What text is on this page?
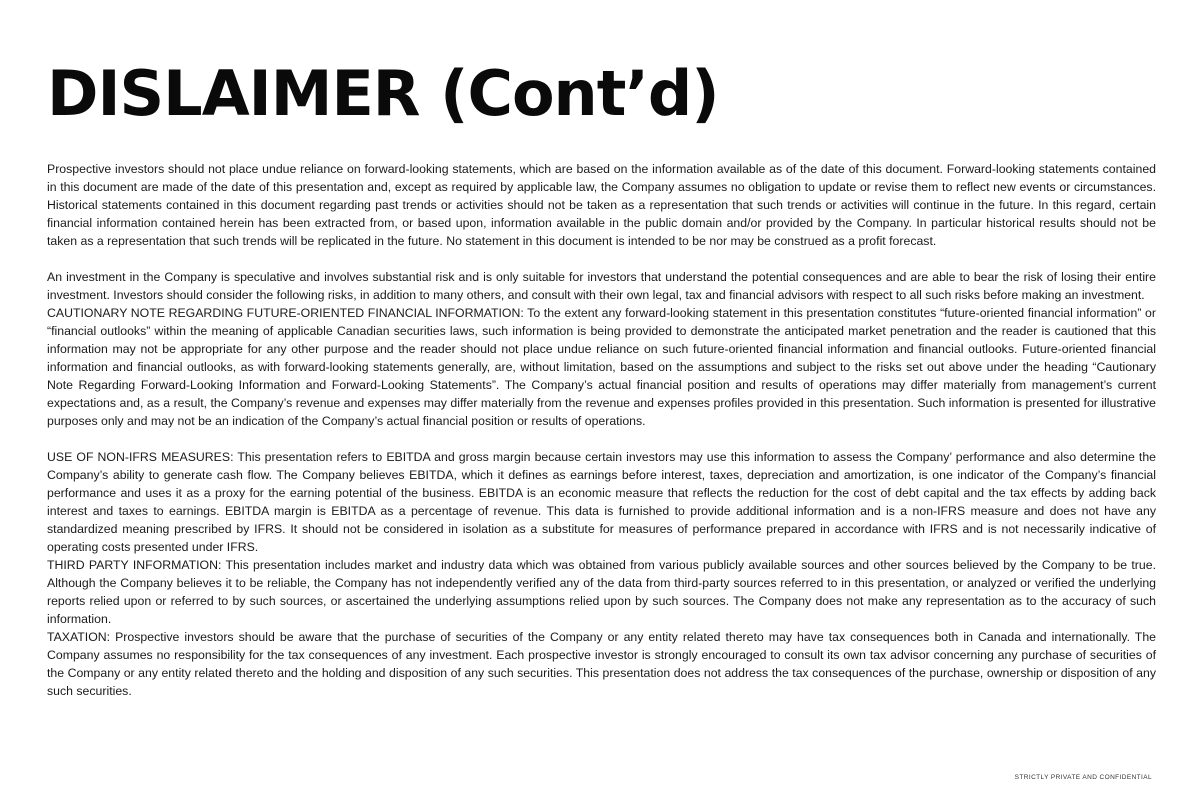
DISLAIMER (Cont’d)

Prospective investors should not place undue reliance on forward-looking statements, which are based on the information available as of the date of this document. Forward-looking statements contained in this document are made of the date of this presentation and, except as required by applicable law, the Company assumes no obligation to update or revise them to reflect new events or circumstances. Historical statements contained in this document regarding past trends or activities should not be taken as a representation that such trends or activities will continue in the future. In this regard, certain financial information contained herein has been extracted from, or based upon, information available in the public domain and/or provided by the Company. In particular historical results should not be taken as a representation that such trends will be replicated in the future. No statement in this document is intended to be nor may be construed as a profit forecast.

An investment in the Company is speculative and involves substantial risk and is only suitable for investors that understand the potential consequences and are able to bear the risk of losing their entire investment. Investors should consider the following risks, in addition to many others, and consult with their own legal, tax and financial advisors with respect to all such risks before making an investment.

CAUTIONARY NOTE REGARDING FUTURE-ORIENTED FINANCIAL INFORMATION: To the extent any forward-looking statement in this presentation constitutes “future-oriented financial information” or “financial outlooks” within the meaning of applicable Canadian securities laws, such information is being provided to demonstrate the anticipated market penetration and the reader is cautioned that this information may not be appropriate for any other purpose and the reader should not place undue reliance on such future-oriented financial information and financial outlooks. Future-oriented financial information and financial outlooks, as with forward-looking statements generally, are, without limitation, based on the assumptions and subject to the risks set out above under the heading “Cautionary Note Regarding Forward-Looking Information and Forward-Looking Statements”. The Company’s actual financial position and results of operations may differ materially from management’s current expectations and, as a result, the Company’s revenue and expenses may differ materially from the revenue and expenses profiles provided in this presentation. Such information is presented for illustrative purposes only and may not be an indication of the Company’s actual financial position or results of operations.

USE OF NON-IFRS MEASURES: This presentation refers to EBITDA and gross margin because certain investors may use this information to assess the Company’ performance and also determine the Company’s ability to generate cash flow. The Company believes EBITDA, which it defines as earnings before interest, taxes, depreciation and amortization, is one indicator of the Company’s financial performance and uses it as a proxy for the earning potential of the business. EBITDA is an economic measure that reflects the reduction for the cost of debt capital and the tax effects by adding back interest and taxes to earnings. EBITDA margin is EBITDA as a percentage of revenue. This data is furnished to provide additional information and is a non-IFRS measure and does not have any standardized meaning prescribed by IFRS. It should not be considered in isolation as a substitute for measures of performance prepared in accordance with IFRS and is not necessarily indicative of operating costs presented under IFRS.

THIRD PARTY INFORMATION: This presentation includes market and industry data which was obtained from various publicly available sources and other sources believed by the Company to be true. Although the Company believes it to be reliable, the Company has not independently verified any of the data from third-party sources referred to in this presentation, or analyzed or verified the underlying reports relied upon or referred to by such sources, or ascertained the underlying assumptions relied upon by such sources. The Company does not make any representation as to the accuracy of such information.

TAXATION: Prospective investors should be aware that the purchase of securities of the Company or any entity related thereto may have tax consequences both in Canada and internationally. The Company assumes no responsibility for the tax consequences of any investment. Each prospective investor is strongly encouraged to consult its own tax advisor concerning any purchase of securities of the Company or any entity related thereto and the holding and disposition of any such securities. This presentation does not address the tax consequences of the purchase, ownership or disposition of any such securities.

STRICTLY PRIVATE AND CONFIDENTIAL
